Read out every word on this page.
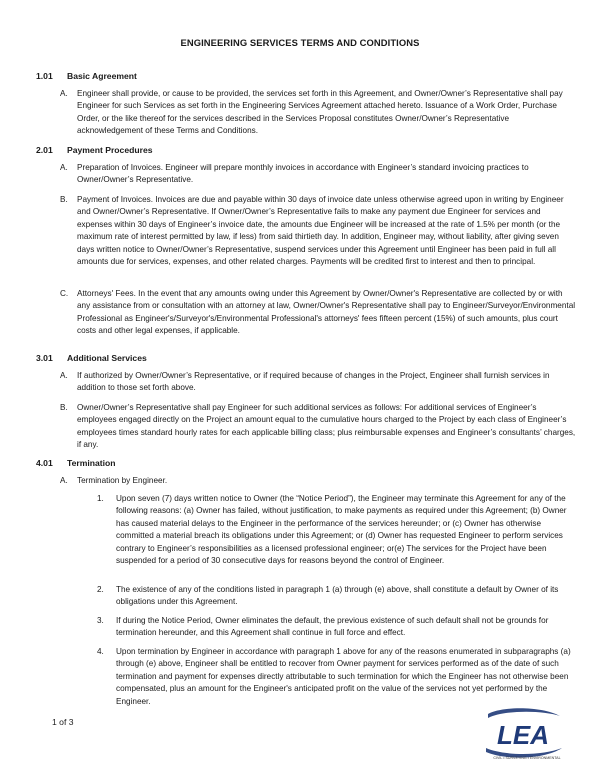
ENGINEERING SERVICES TERMS AND CONDITIONS
1.01 Basic Agreement
A. Engineer shall provide, or cause to be provided, the services set forth in this Agreement, and Owner/Owner’s Representative shall pay Engineer for such Services as set forth in the Engineering Services Agreement attached hereto. Issuance of a Work Order, Purchase Order, or the like thereof for the services described in the Services Proposal constitutes Owner/Owner’s Representative acknowledgement of these Terms and Conditions.
2.01 Payment Procedures
A. Preparation of Invoices. Engineer will prepare monthly invoices in accordance with Engineer’s standard invoicing practices to Owner/Owner’s Representative.
B. Payment of Invoices. Invoices are due and payable within 30 days of invoice date unless otherwise agreed upon in writing by Engineer and Owner/Owner’s Representative. If Owner/Owner’s Representative fails to make any payment due Engineer for services and expenses within 30 days of Engineer’s invoice date, the amounts due Engineer will be increased at the rate of 1.5% per month (or the maximum rate of interest permitted by law, if less) from said thirtieth day. In addition, Engineer may, without liability, after giving seven days written notice to Owner/Owner’s Representative, suspend services under this Agreement until Engineer has been paid in full all amounts due for services, expenses, and other related charges. Payments will be credited first to interest and then to principal.
C. Attorneys' Fees. In the event that any amounts owing under this Agreement by Owner/Owner's Representative are collected by or with any assistance from or consultation with an attorney at law, Owner/Owner's Representative shall pay to Engineer/Surveyor/Environmental Professional as Engineer's/Surveyor's/Environmental Professional's attorneys' fees fifteen percent (15%) of such amounts, plus court costs and other legal expenses, if applicable.
3.01 Additional Services
A. If authorized by Owner/Owner’s Representative, or if required because of changes in the Project, Engineer shall furnish services in addition to those set forth above.
B. Owner/Owner’s Representative shall pay Engineer for such additional services as follows: For additional services of Engineer’s employees engaged directly on the Project an amount equal to the cumulative hours charged to the Project by each class of Engineer’s employees times standard hourly rates for each applicable billing class; plus reimbursable expenses and Engineer’s consultants’ charges, if any.
4.01 Termination
A. Termination by Engineer.
1. Upon seven (7) days written notice to Owner (the “Notice Period”), the Engineer may terminate this Agreement for any of the following reasons: (a) Owner has failed, without justification, to make payments as required under this Agreement; (b) Owner has caused material delays to the Engineer in the performance of the services hereunder; or (c) Owner has otherwise committed a material breach its obligations under this Agreement; or (d) Owner has requested Engineer to perform services contrary to Engineer’s responsibilities as a licensed professional engineer; or(e) The services for the Project have been suspended for a period of 30 consecutive days for reasons beyond the control of Engineer.
2. The existence of any of the conditions listed in paragraph 1 (a) through (e) above, shall constitute a default by Owner of its obligations under this Agreement.
3. If during the Notice Period, Owner eliminates the default, the previous existence of such default shall not be grounds for termination hereunder, and this Agreement shall continue in full force and effect.
4. Upon termination by Engineer in accordance with paragraph 1 above for any of the reasons enumerated in subparagraphs (a) through (e) above, Engineer shall be entitled to recover from Owner payment for services performed as of the date of such termination and payment for expenses directly attributable to such termination for which the Engineer has not otherwise been compensated, plus an amount for the Engineer's anticipated profit on the value of the services not yet performed by the Engineer.
1 of 3	LEA
CIVIL • SURVEYING • ENVIRONMENTAL
